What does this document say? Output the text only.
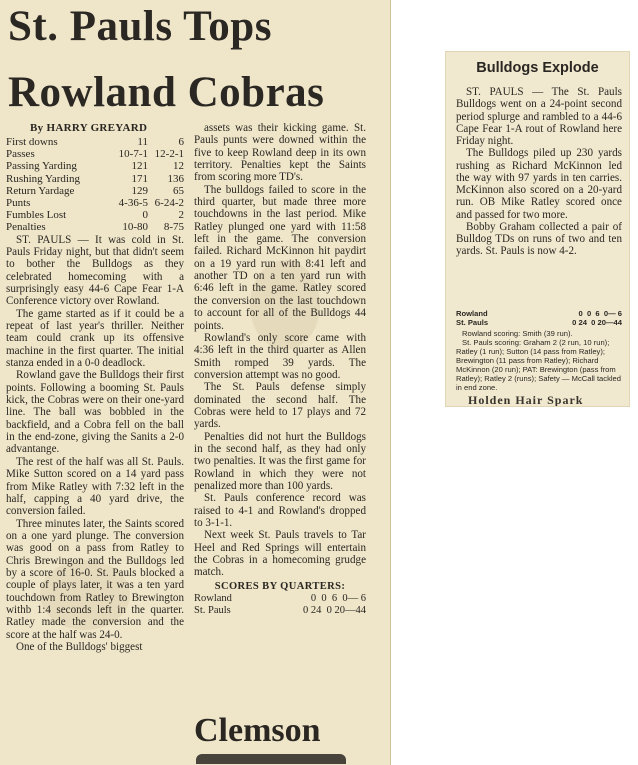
St. Pauls Tops
Rowland Cobras
By HARRY GREYARD
First downs	11	6
Passes	10-7-1	12-2-1
Passing Yarding	121	12
Rushing Yarding	171	136
Return Yardage	129	65
Punts	4-36-5	6-24-2
Fumbles Lost	0	2
Penalties	10-80	8-75

ST. PAULS — It was cold in St. Pauls Friday night, but that didn't seem to bother the Bulldogs as they celebrated homecoming with a surprisingly easy 44-6 Cape Fear 1-A Conference victory over Rowland.

The game started as if it could be a repeat of last year's thriller. Neither team could crank up its offensive machine in the first quarter. The initial stanza ended in a 0-0 deadlock.

Rowland gave the Bulldogs their first points. Following a booming St. Pauls kick, the Cobras were on their one-yard line. The ball was bobbled in the backfield, and a Cobra fell on the ball in the end-zone, giving the Sanits a 2-0 advantange.

The rest of the half was all St. Pauls. Mike Sutton scored on a 14 yard pass from Mike Ratley with 7:32 left in the half, capping a 40 yard drive, the conversion failed.

Three minutes later, the Saints scored on a one yard plunge. The conversion was good on a pass from Ratley to Chris Brewingon and the Bulldogs led by a score of 16-0. St. Pauls blocked a couple of plays later, it was a ten yard touchdown from Ratley to Brewington withb 1:4 seconds left in the quarter. Ratley made the conversion and the score at the half was 24-0.

One of the Bulldogs' biggest

assets was their kicking game. St. Pauls punts were downed within the five to keep Rowland deep in its own territory. Penalties kept the Saints from scoring more TD's.

The bulldogs failed to score in the third quarter, but made three more touchdowns in the last period. Mike Ratley plunged one yard with 11:58 left in the game. The conversion failed. Richard McKinnon hit paydirt on a 19 yard run with 8:41 left and another TD on a ten yard run with 6:46 left in the game. Ratley scored the conversion on the last touchdown to account for all of the Bulldogs 44 points.

Rowland's only score came with 4:36 left in the third quarter as Allen Smith romped 39 yards. The conversion attempt was no good.

The St. Pauls defense simply dominated the second half. The Cobras were held to 17 plays and 72 yards.

Penalties did not hurt the Bulldogs in the second half, as they had only two penalties. It was the first game for Rowland in which they were not penalized more than 100 yards.

St. Pauls conference record was raised to 4-1 and Rowland's dropped to 3-1-1.

Next week St. Pauls travels to Tar Heel and Red Springs will entertain the Cobras in a homecoming grudge match.

SCORES BY QUARTERS:

Rowland	0  0  6  0— 6
St. Pauls	0 24  0 20—44
Clemson
Bulldogs Explode

ST. PAULS — The St. Pauls Bulldogs went on a 24-point second period splurge and rambled to a 44-6 Cape Fear 1-A rout of Rowland here Friday night.

The Bulldogs piled up 230 yards rushing as Richard McKinnon led the way with 97 yards in ten carries. McKinnon also scored on a 20-yard run. OB Mike Ratley scored once and passed for two more.

Bobby Graham collected a pair of Bulldog TDs on runs of two and ten yards. St. Pauls is now 4-2.

Rowland	0  0  6  0— 6
St. Pauls	0 24  0 20—44

Rowland scoring: Smith (39 run).

St. Pauls scoring: Graham 2 (2 run, 10 run); Ratley (1 run); Sutton (14 pass from Ratley); Brewington (11 pass from Ratley); Richard McKinnon (20 run); PAT: Brewington (pass from Ratley); Ratley 2 (runs); Safety — McCall tackled in end zone.

Holden Hair Spark
